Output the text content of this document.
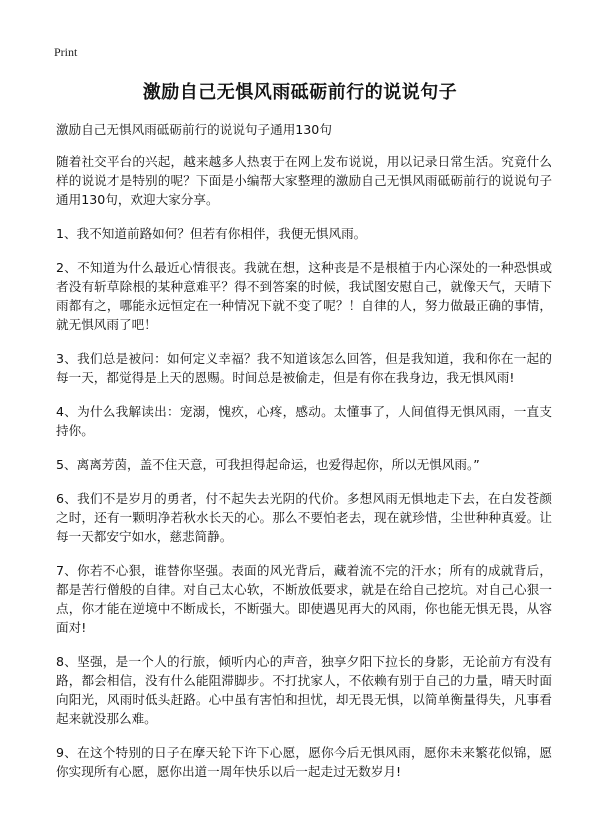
Print
激励自己无惧风雨砥砺前行的说说句子

激励自己无惧风雨砥砺前行的说说句子通用130句

随着社交平台的兴起，越来越多人热衷于在网上发布说说，用以记录日常生活。究竟什么样的说说才是特别的呢？下面是小编帮大家整理的激励自己无惧风雨砥砺前行的说说句子通用130句，欢迎大家分享。

1、我不知道前路如何？但若有你相伴，我便无惧风雨。

2、不知道为什么最近心情很丧。我就在想，这种丧是不是根植于内心深处的一种恐惧或者没有斩草除根的某种意难平？得不到答案的时候，我试图安慰自己，就像天气，天晴下雨都有之，哪能永远恒定在一种情况下就不变了呢？！自律的人，努力做最正确的事情，就无惧风雨了吧！

3、我们总是被问：如何定义幸福？我不知道该怎么回答，但是我知道，我和你在一起的每一天，都觉得是上天的恩赐。时间总是被偷走，但是有你在我身边，我无惧风雨!

4、为什么我解读出：宠溺，愧疚，心疼，感动。太懂事了，人间值得无惧风雨，一直支持你。

5、离离芳茵，盖不住天意，可我担得起命运，也爱得起你，所以无惧风雨。”

6、我们不是岁月的勇者，付不起失去光阴的代价。多想风雨无惧地走下去，在白发苍颜之时，还有一颗明净若秋水长天的心。那么不要怕老去，现在就珍惜，尘世种种真爱。让每一天都安宁如水，慈悲简静。

7、你若不心狠，谁替你坚强。表面的风光背后，藏着流不完的汗水；所有的成就背后，都是苦行僧般的自律。对自己太心软，不断放低要求，就是在给自己挖坑。对自己心狠一点，你才能在逆境中不断成长，不断强大。即使遇见再大的风雨，你也能无惧无畏，从容面对!

8、坚强，是一个人的行旅，倾听内心的声音，独享夕阳下拉长的身影，无论前方有没有路，都会相信，没有什么能阻滞脚步。不打扰家人，不依赖有别于自己的力量，晴天时面向阳光，风雨时低头赶路。心中虽有害怕和担忧，却无畏无惧，以简单衡量得失，凡事看起来就没那么难。

9、在这个特别的日子在摩天轮下许下心愿，愿你今后无惧风雨，愿你未来繁花似锦，愿你实现所有心愿，愿你出道一周年快乐以后一起走过无数岁月!
